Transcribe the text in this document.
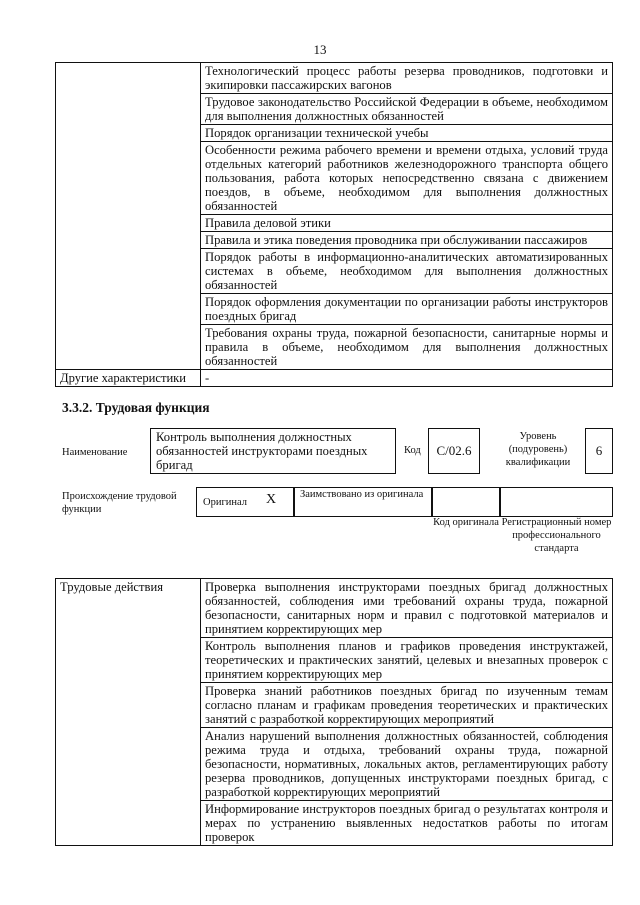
13
	Технологический процесс работы резерва проводников, подготовки и экипировки пассажирских вагонов
	Трудовое законодательство Российской Федерации в объеме, необходимом для выполнения должностных обязанностей
	Порядок организации технической учебы
	Особенности режима рабочего времени и времени отдыха, условий труда отдельных категорий работников железнодорожного транспорта общего пользования, работа которых непосредственно связана с движением поездов, в объеме, необходимом для выполнения должностных обязанностей
	Правила деловой этики
	Правила и этика поведения проводника при обслуживании пассажиров
	Порядок работы в информационно-аналитических автоматизированных системах в объеме, необходимом для выполнения должностных обязанностей
	Порядок оформления документации по организации работы инструкторов поездных бригад
	Требования охраны труда, пожарной безопасности, санитарные нормы и правила в объеме, необходимом для выполнения должностных обязанностей
Другие характеристики	-
3.3.2. Трудовая функция
Наименование
Контроль выполнения должностных обязанностей инструкторами поездных бригад
Код	С/02.6
Уровень (подуровень) квалификации
6
Происхождение трудовой функции
Оригинал X Заимствовано из оригинала
Код оригинала Регистрационный номер профессионального стандарта
Трудовые действия	Проверка выполнения инструкторами поездных бригад должностных обязанностей, соблюдения ими требований охраны труда, пожарной безопасности, санитарных норм и правил с подготовкой материалов и принятием корректирующих мер
Контроль выполнения планов и графиков проведения инструктажей, теоретических и практических занятий, целевых и внезапных проверок с принятием корректирующих мер
Проверка знаний работников поездных бригад по изученным темам согласно планам и графикам проведения теоретических и практических занятий с разработкой корректирующих мероприятий
Анализ нарушений выполнения должностных обязанностей, соблюдения режима труда и отдыха, требований охраны труда, пожарной безопасности, нормативных, локальных актов, регламентирующих работу резерва проводников, допущенных инструкторами поездных бригад, с разработкой корректирующих мероприятий
Информирование инструкторов поездных бригад о результатах контроля и мерах по устранению выявленных недостатков работы по итогам проверок
